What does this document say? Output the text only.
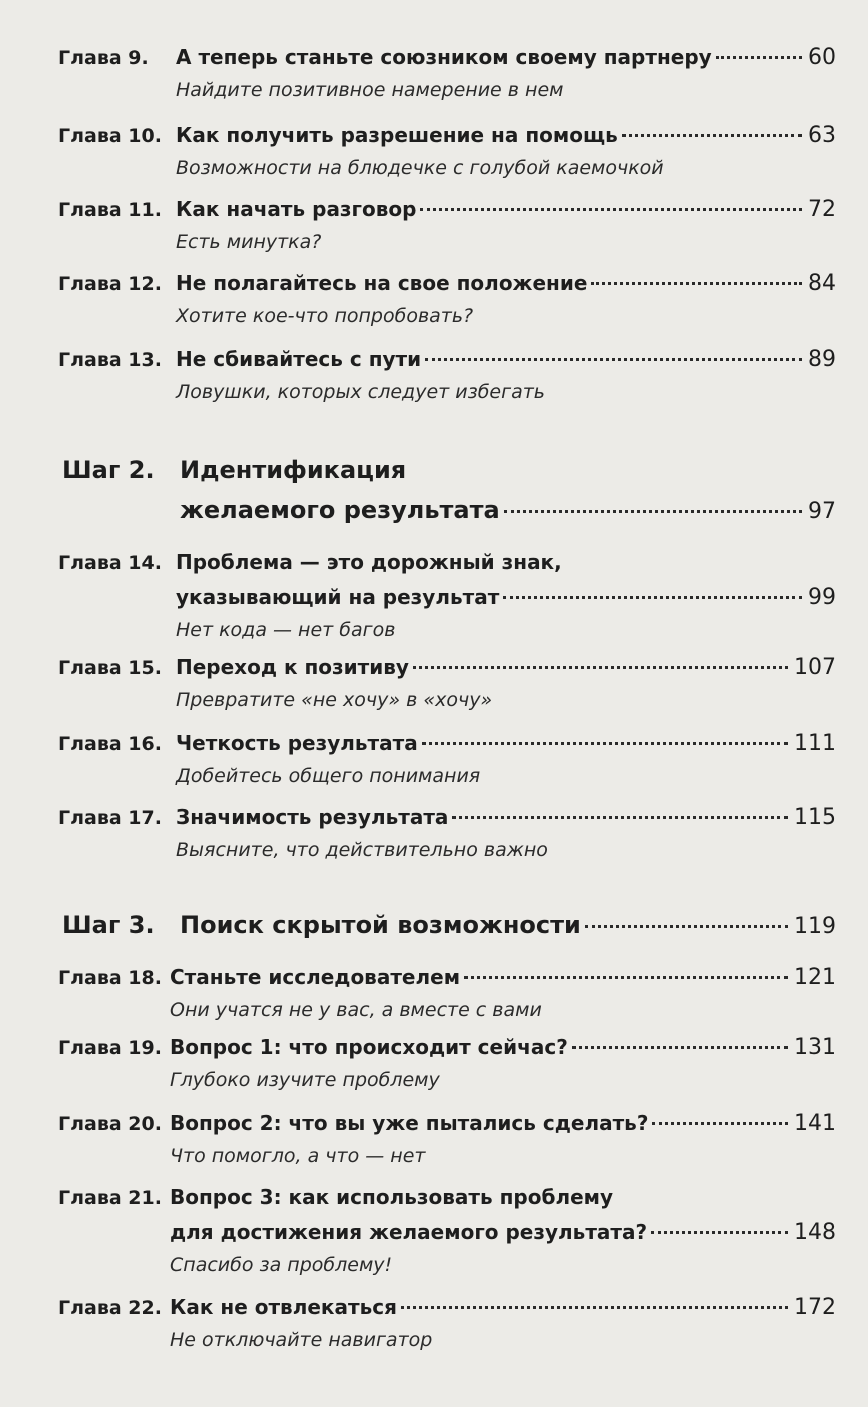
Глава 9.	А теперь станьте союзником своему партнеру	60
Найдите позитивное намерение в нем
Глава 10. Как получить разрешение на помощь	63
Возможности на блюдечке с голубой каемочкой
Глава 11. Как начать разговор	72
Есть минутка?
Глава 12. Не полагайтесь на свое положение	84
Хотите кое-что попробовать?
Глава 13. Не сбивайтесь с пути	89
Ловушки, которых следует избегать
Шаг 2.	Идентификация
желаемого результата	97
Глава 14. Проблема — это дорожный знак,
указывающий на результат	99
Нет кода — нет багов
Глава 15. Переход к позитиву	107
Превратите «не хочу» в «хочу»
Глава 16. Четкость результата	111
Добейтесь общего понимания
Глава 17. Значимость результата	115
Выясните, что действительно важно
Шаг 3.	Поиск скрытой возможности	119
Глава 18. Станьте исследователем	121
Они учатся не у вас, а вместе с вами
Глава 19. Вопрос 1: что происходит сейчас?	131
Глубоко изучите проблему
Глава 20. Вопрос 2: что вы уже пытались сделать?	141
Что помогло, а что — нет
Глава 21. Вопрос 3: как использовать проблему
для достижения желаемого результата?	148
Спасибо за проблему!
Глава 22. Как не отвлекаться	172
Не отключайте навигатор
